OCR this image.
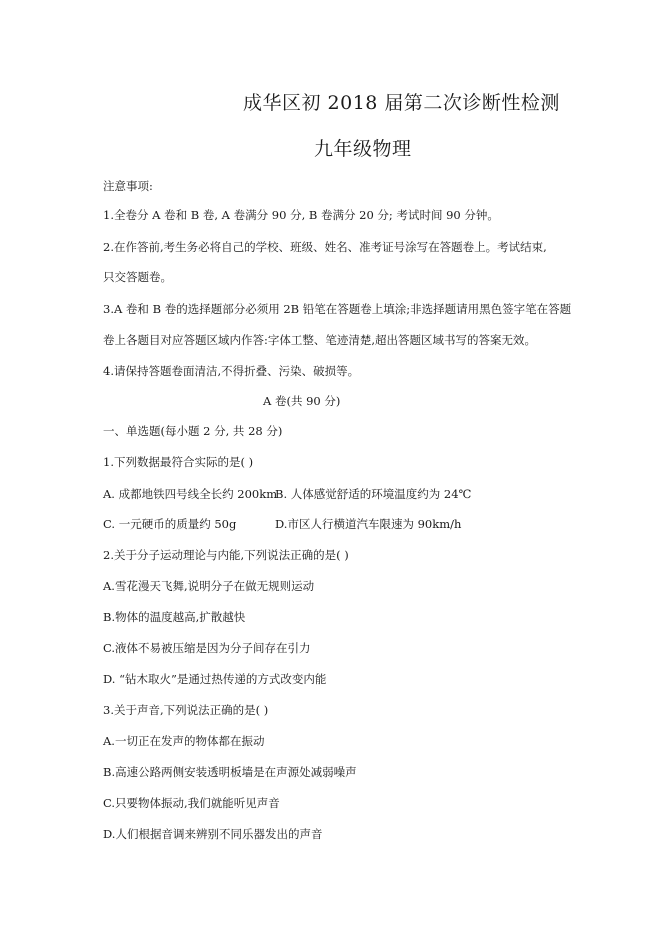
成华区初 2018 届第二次诊断性检测
九年级物理
注意事项:
1.全卷分 A 卷和 B 卷, A 卷满分 90 分, B 卷满分 20 分; 考试时间 90 分钟。
2.在作答前,考生务必将自己的学校、班级、姓名、准考证号涂写在答题卷上。考试结束,
只交答题卷。
3.A 卷和 B 卷的选择题部分必须用 2B 铅笔在答题卷上填涂;非选择题请用黑色签字笔在答题
卷上各题目对应答题区域内作答:字体工整、笔迹清楚,超出答题区域书写的答案无效。
4.请保持答题卷面清洁,不得折叠、污染、破损等。
A 卷(共 90 分)
一、单选题(每小题 2 分, 共 28 分)
1.下列数据最符合实际的是( )
A. 成都地铁四号线全长约 200km
B. 人体感觉舒适的环境温度约为 24℃
C. 一元硬币的质量约 50g	D.市区人行横道汽车限速为 90km/h
2.关于分子运动理论与内能,下列说法正确的是( )
A.雪花漫天飞舞,说明分子在做无规则运动
B.物体的温度越高,扩散越快
C.液体不易被压缩是因为分子间存在引力
D. “钻木取火”是通过热传递的方式改变内能
3.关于声音,下列说法正确的是( )
A.一切正在发声的物体都在振动
B.高速公路两侧安装透明板墙是在声源处减弱噪声
C.只要物体振动,我们就能听见声音
D.人们根据音调来辨别不同乐器发出的声音
